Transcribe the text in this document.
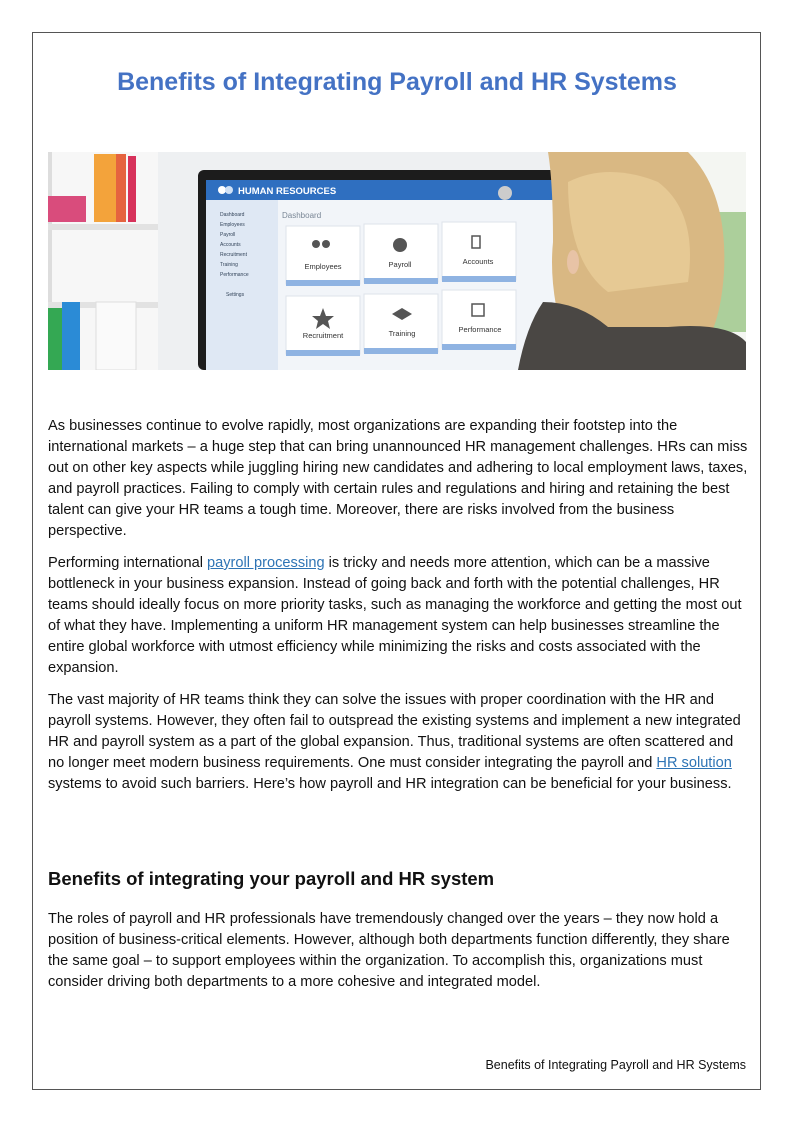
Benefits of Integrating Payroll and HR Systems
HUMAN RESOURCES
Dashboard
Employees
Payroll
Accounts
Recruitment
Training
Performance
Settings
Dashboard
Employees	Payroll	Accounts
Recruitment	Training	Performance

As businesses continue to evolve rapidly, most organizations are expanding their footstep into the international markets – a huge step that can bring unannounced HR management challenges. HRs can miss out on other key aspects while juggling hiring new candidates and adhering to local employment laws, taxes, and payroll practices. Failing to comply with certain rules and regulations and hiring and retaining the best talent can give your HR teams a tough time. Moreover, there are risks involved from the business perspective.

Performing international payroll processing is tricky and needs more attention, which can be a massive bottleneck in your business expansion. Instead of going back and forth with the potential challenges, HR teams should ideally focus on more priority tasks, such as managing the workforce and getting the most out of what they have. Implementing a uniform HR management system can help businesses streamline the entire global workforce with utmost efficiency while minimizing the risks and costs associated with the expansion.

The vast majority of HR teams think they can solve the issues with proper coordination with the HR and payroll systems. However, they often fail to outspread the existing systems and implement a new integrated HR and payroll system as a part of the global expansion. Thus, traditional systems are often scattered and no longer meet modern business requirements. One must consider integrating the payroll and HR solution systems to avoid such barriers. Here’s how payroll and HR integration can be beneficial for your business.

Benefits of integrating your payroll and HR system

The roles of payroll and HR professionals have tremendously changed over the years – they now hold a position of business-critical elements. However, although both departments function differently, they share the same goal – to support employees within the organization. To accomplish this, organizations must consider driving both departments to a more cohesive and integrated model.

Benefits of Integrating Payroll and HR Systems
